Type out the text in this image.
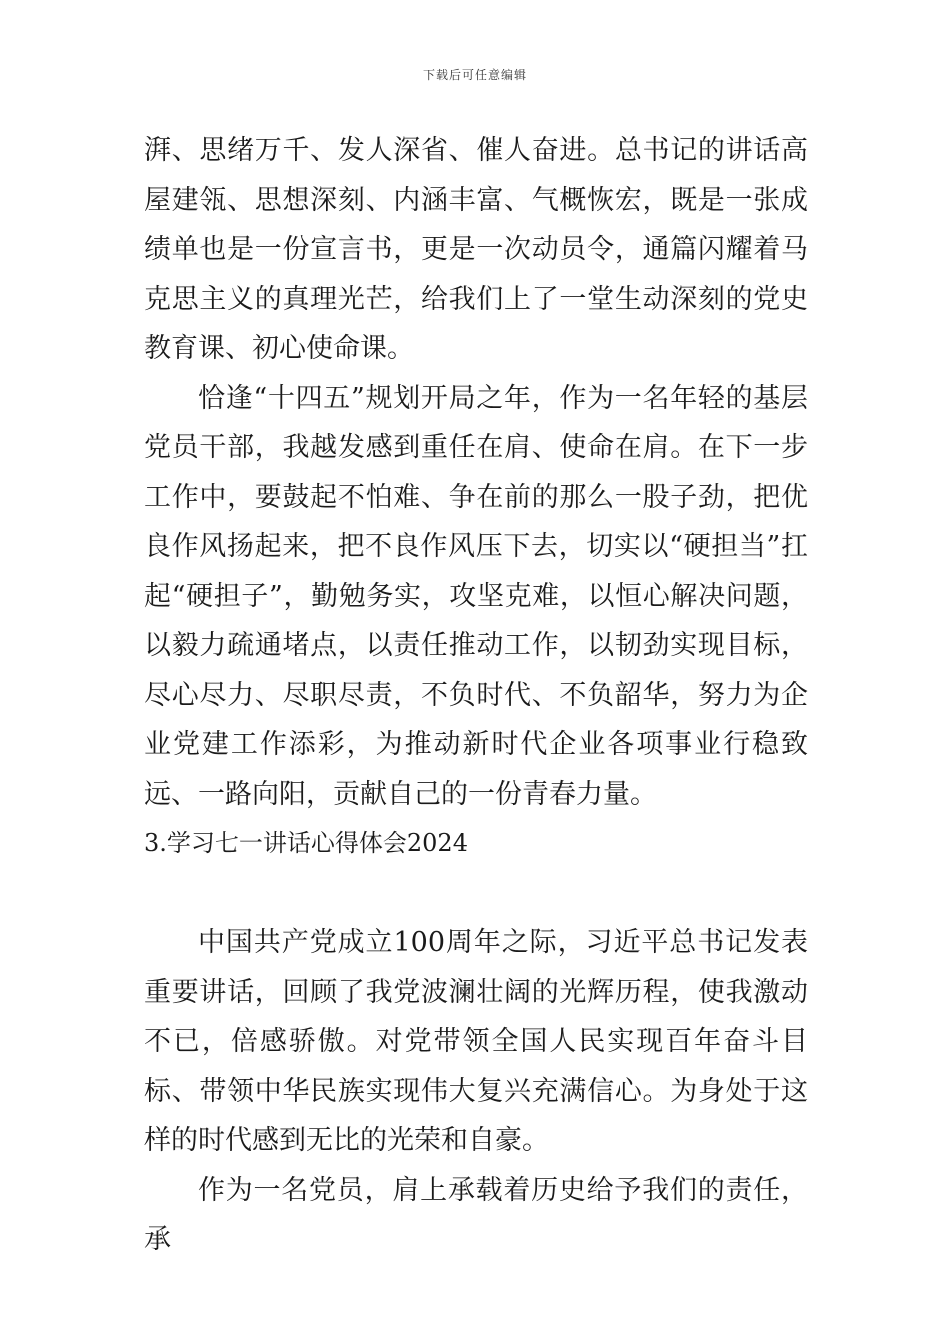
下载后可任意编辑

湃、思绪万千、发人深省、催人奋进。总书记的讲话高屋建瓴、思想深刻、内涵丰富、气概恢宏，既是一张成绩单也是一份宣言书，更是一次动员令，通篇闪耀着马克思主义的真理光芒，给我们上了一堂生动深刻的党史教育课、初心使命课。

恰逢“十四五”规划开局之年，作为一名年轻的基层党员干部，我越发感到重任在肩、使命在肩。在下一步工作中，要鼓起不怕难、争在前的那么一股子劲，把优良作风扬起来，把不良作风压下去，切实以“硬担当”扛起“硬担子”，勤勉务实，攻坚克难，以恒心解决问题，以毅力疏通堵点，以责任推动工作，以韧劲实现目标，尽心尽力、尽职尽责，不负时代、不负韶华，努力为企业党建工作添彩，为推动新时代企业各项事业行稳致远、一路向阳，贡献自己的一份青春力量。

3.学习七一讲话心得体会2024

中国共产党成立100周年之际，习近平总书记发表重要讲话，回顾了我党波澜壮阔的光辉历程，使我激动不已，倍感骄傲。对党带领全国人民实现百年奋斗目标、带领中华民族实现伟大复兴充满信心。为身处于这样的时代感到无比的光荣和自豪。

作为一名党员，肩上承载着历史给予我们的责任，承
